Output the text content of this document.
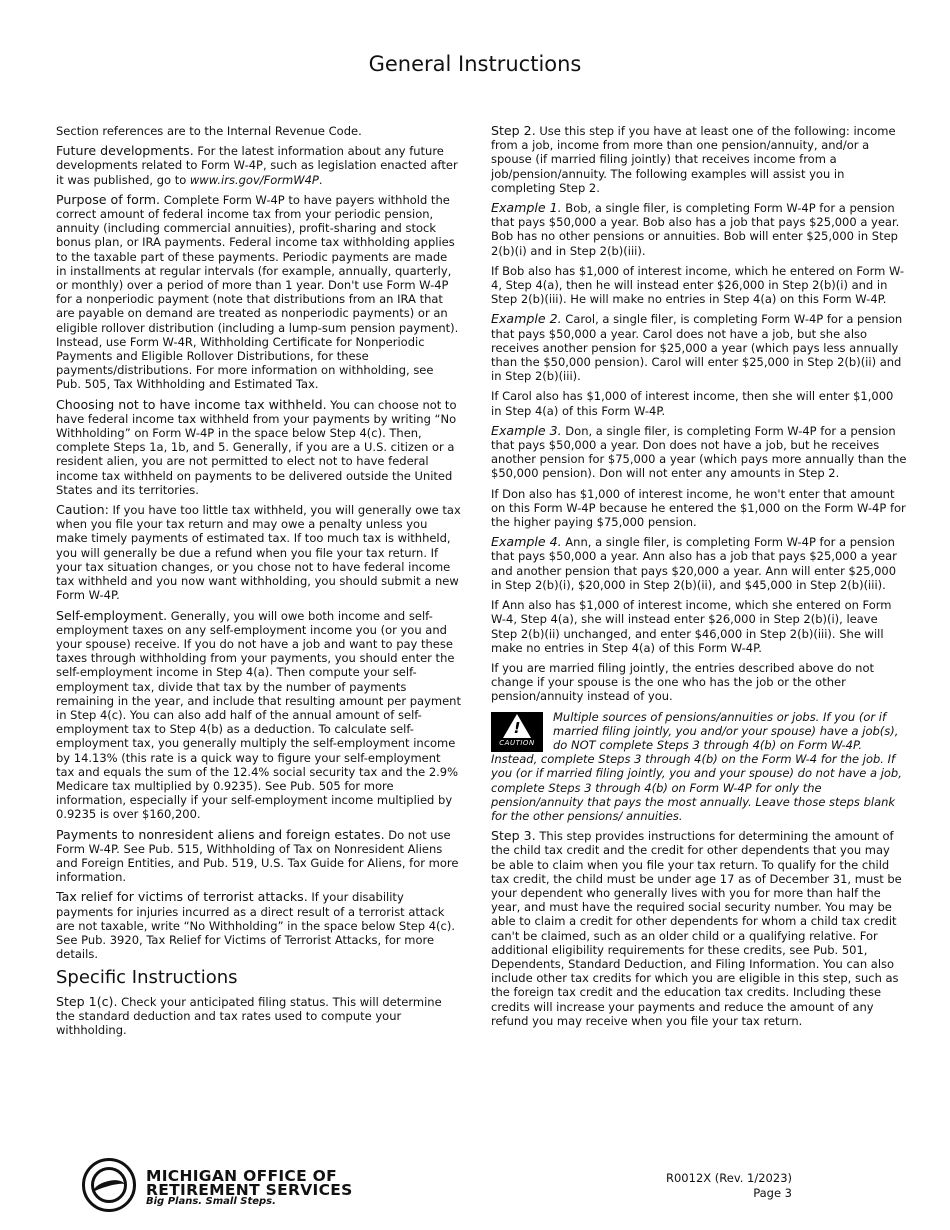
General Instructions

Section references are to the Internal Revenue Code.

Future developments. For the latest information about any future developments related to Form W-4P, such as legislation enacted after it was published, go to www.irs.gov/FormW4P.

Purpose of form. Complete Form W-4P to have payers withhold the correct amount of federal income tax from your periodic pension, annuity (including commercial annuities), profit-sharing and stock bonus plan, or IRA payments. Federal income tax withholding applies to the taxable part of these payments. Periodic payments are made in installments at regular intervals (for example, annually, quarterly, or monthly) over a period of more than 1 year. Don't use Form W-4P for a nonperiodic payment (note that distributions from an IRA that are payable on demand are treated as nonperiodic payments) or an eligible rollover distribution (including a lump-sum pension payment). Instead, use Form W-4R, Withholding Certificate for Nonperiodic Payments and Eligible Rollover Distributions, for these payments/distributions. For more information on withholding, see Pub. 505, Tax Withholding and Estimated Tax.

Choosing not to have income tax withheld. You can choose not to have federal income tax withheld from your payments by writing “No Withholding” on Form W-4P in the space below Step 4(c). Then, complete Steps 1a, 1b, and 5. Generally, if you are a U.S. citizen or a resident alien, you are not permitted to elect not to have federal income tax withheld on payments to be delivered outside the United States and its territories.

Caution: If you have too little tax withheld, you will generally owe tax when you file your tax return and may owe a penalty unless you make timely payments of estimated tax. If too much tax is withheld, you will generally be due a refund when you file your tax return. If your tax situation changes, or you chose not to have federal income tax withheld and you now want withholding, you should submit a new Form W-4P.

Self-employment. Generally, you will owe both income and self-employment taxes on any self-employment income you (or you and your spouse) receive. If you do not have a job and want to pay these taxes through withholding from your payments, you should enter the self-employment income in Step 4(a). Then compute your self-employment tax, divide that tax by the number of payments remaining in the year, and include that resulting amount per payment in Step 4(c). You can also add half of the annual amount of self-employment tax to Step 4(b) as a deduction. To calculate self-employment tax, you generally multiply the self-employment income by 14.13% (this rate is a quick way to figure your self-employment tax and equals the sum of the 12.4% social security tax and the 2.9% Medicare tax multiplied by 0.9235). See Pub. 505 for more information, especially if your self-employment income multiplied by 0.9235 is over $160,200.

Payments to nonresident aliens and foreign estates. Do not use Form W-4P. See Pub. 515, Withholding of Tax on Nonresident Aliens and Foreign Entities, and Pub. 519, U.S. Tax Guide for Aliens, for more information.

Tax relief for victims of terrorist attacks. If your disability payments for injuries incurred as a direct result of a terrorist attack are not taxable, write “No Withholding” in the space below Step 4(c). See Pub. 3920, Tax Relief for Victims of Terrorist Attacks, for more details.

Specific Instructions

Step 1(c). Check your anticipated filing status. This will determine the standard deduction and tax rates used to compute your withholding.

Step 2. Use this step if you have at least one of the following: income from a job, income from more than one pension/annuity, and/or a spouse (if married filing jointly) that receives income from a job/pension/annuity. The following examples will assist you in completing Step 2.

Example 1. Bob, a single filer, is completing Form W-4P for a pension that pays $50,000 a year. Bob also has a job that pays $25,000 a year. Bob has no other pensions or annuities. Bob will enter $25,000 in Step 2(b)(i) and in Step 2(b)(iii).

If Bob also has $1,000 of interest income, which he entered on Form W-4, Step 4(a), then he will instead enter $26,000 in Step 2(b)(i) and in Step 2(b)(iii). He will make no entries in Step 4(a) on this Form W-4P.

Example 2. Carol, a single filer, is completing Form W-4P for a pension that pays $50,000 a year. Carol does not have a job, but she also receives another pension for $25,000 a year (which pays less annually than the $50,000 pension). Carol will enter $25,000 in Step 2(b)(ii) and in Step 2(b)(iii).

If Carol also has $1,000 of interest income, then she will enter $1,000 in Step 4(a) of this Form W-4P.

Example 3. Don, a single filer, is completing Form W-4P for a pension that pays $50,000 a year. Don does not have a job, but he receives another pension for $75,000 a year (which pays more annually than the $50,000 pension). Don will not enter any amounts in Step 2.

If Don also has $1,000 of interest income, he won't enter that amount on this Form W-4P because he entered the $1,000 on the Form W-4P for the higher paying $75,000 pension.

Example 4. Ann, a single filer, is completing Form W-4P for a pension that pays $50,000 a year. Ann also has a job that pays $25,000 a year and another pension that pays $20,000 a year. Ann will enter $25,000 in Step 2(b)(i), $20,000 in Step 2(b)(ii), and $45,000 in Step 2(b)(iii).

If Ann also has $1,000 of interest income, which she entered on Form W-4, Step 4(a), she will instead enter $26,000 in Step 2(b)(i), leave Step 2(b)(ii) unchanged, and enter $46,000 in Step 2(b)(iii). She will make no entries in Step 4(a) of this Form W-4P.

If you are married filing jointly, the entries described above do not change if your spouse is the one who has the job or the other pension/annuity instead of you.

!
CAUTION
Multiple sources of pensions/annuities or jobs. If you (or if married filing jointly, you and/or your spouse) have a job(s), do NOT complete Steps 3 through 4(b) on Form W-4P. Instead, complete Steps 3 through 4(b) on the Form W-4 for the job. If you (or if married filing jointly, you and your spouse) do not have a job, complete Steps 3 through 4(b) on Form W-4P for only the pension/annuity that pays the most annually. Leave those steps blank for the other pensions/ annuities.

Step 3. This step provides instructions for determining the amount of the child tax credit and the credit for other dependents that you may be able to claim when you file your tax return. To qualify for the child tax credit, the child must be under age 17 as of December 31, must be your dependent who generally lives with you for more than half the year, and must have the required social security number. You may be able to claim a credit for other dependents for whom a child tax credit can't be claimed, such as an older child or a qualifying relative. For additional eligibility requirements for these credits, see Pub. 501, Dependents, Standard Deduction, and Filing Information. You can also include other tax credits for which you are eligible in this step, such as the foreign tax credit and the education tax credits. Including these credits will increase your payments and reduce the amount of any refund you may receive when you file your tax return.

MICHIGAN OFFICE OF
RETIREMENT SERVICES
Big Plans. Small Steps.
R0012X (Rev. 1/2023)
Page 3
